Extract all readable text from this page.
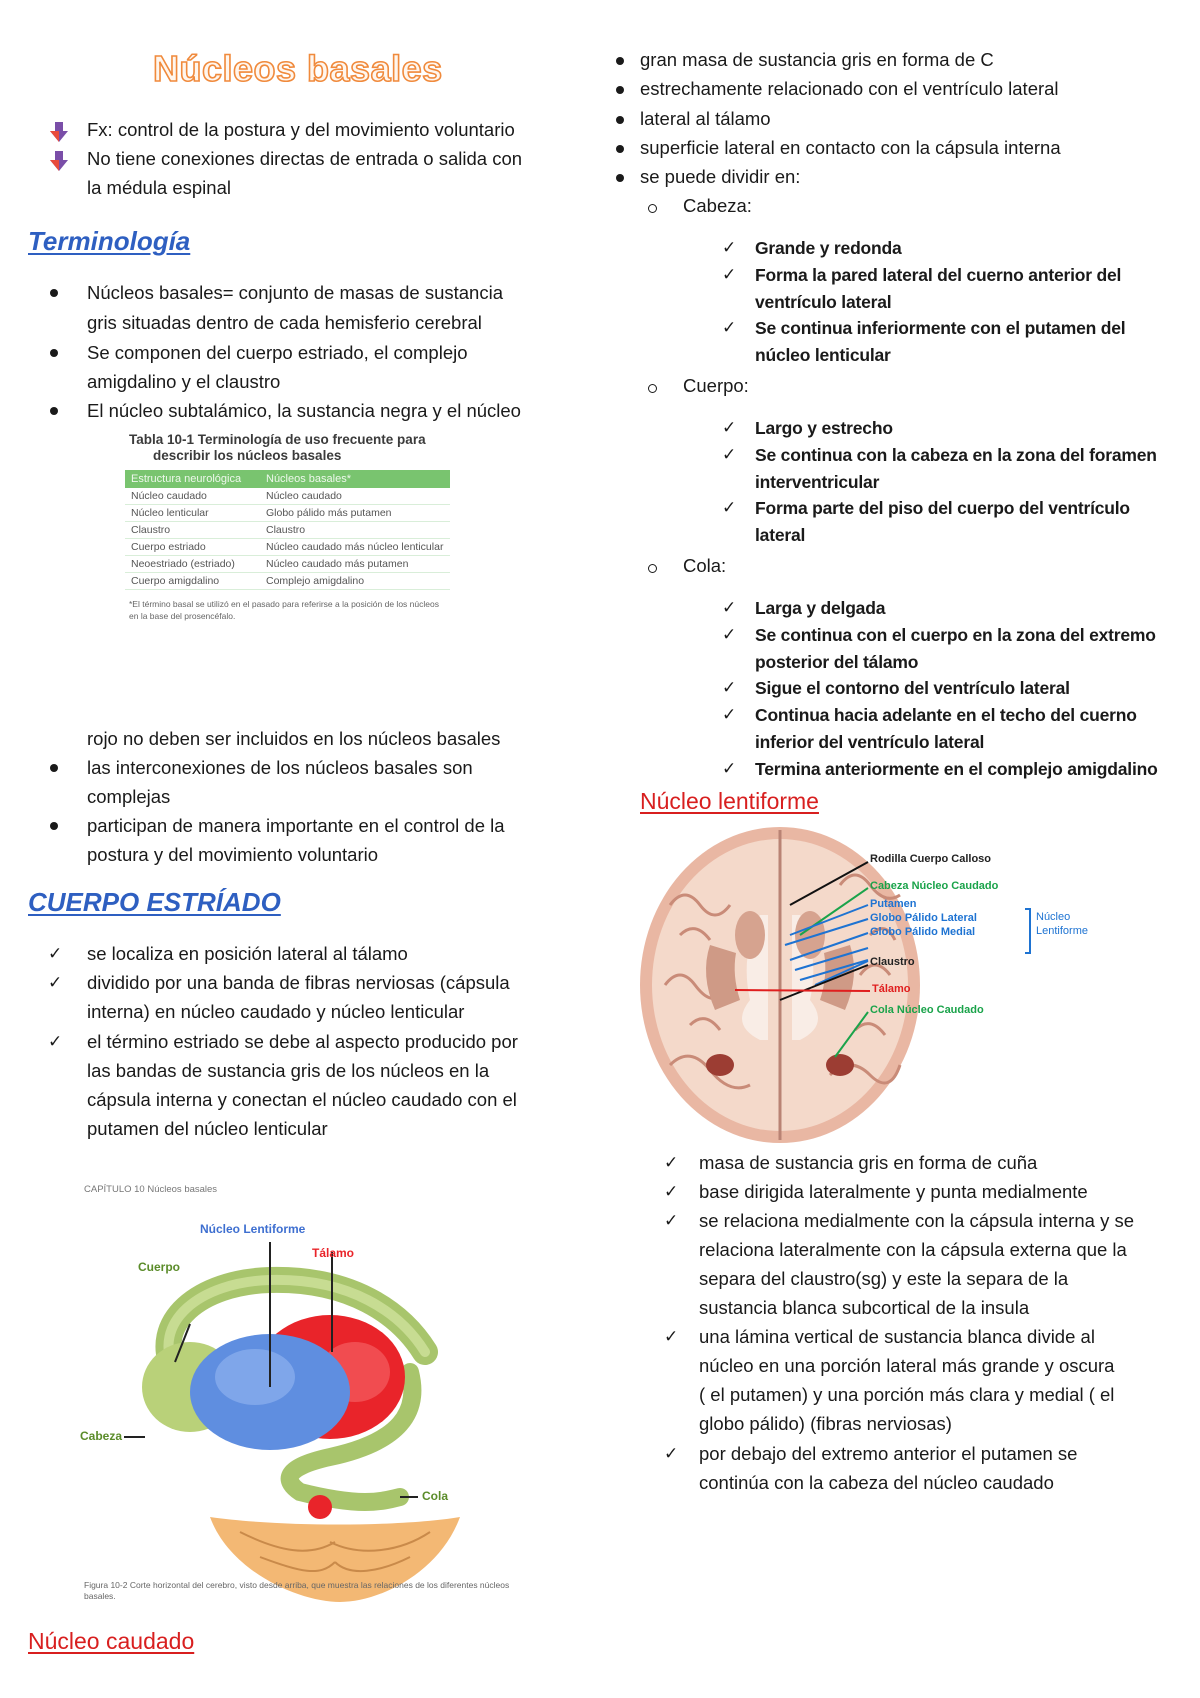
Núcleos basales
Fx: control de la postura y del movimiento voluntario
No tiene conexiones directas de entrada o salida con
la médula espinal
Terminología
Núcleos basales= conjunto de masas de sustancia
gris situadas dentro de cada hemisferio cerebral
Se componen del cuerpo estriado, el complejo
amigdalino y el claustro
El núcleo subtalámico, la sustancia negra y el núcleo
Tabla 10-1 Terminología de uso frecuente para
describir los núcleos basales
Estructura neurológica	Núcleos basales*
Núcleo caudado	Núcleo caudado
Núcleo lenticular	Globo pálido más putamen
Claustro	Claustro
Cuerpo estriado	Núcleo caudado más núcleo lenticular
Neoestriado (estriado)	Núcleo caudado más putamen
Cuerpo amigdalino	Complejo amigdalino
*El término basal se utilizó en el pasado para referirse a la posición de los núcleos en la base del prosencéfalo.
rojo no deben ser incluidos en los núcleos basales
las interconexiones de los núcleos basales son
complejas
participan de manera importante en el control de la
postura y del movimiento voluntario
CUERPO ESTRÍADO
✓ se localiza en posición lateral al tálamo
✓ dividido por una banda de fibras nerviosas (cápsula
interna) en núcleo caudado y núcleo lenticular
✓ el término estriado se debe al aspecto producido por
las bandas de sustancia gris de los núcleos en la
cápsula interna y conectan el núcleo caudado con el
putamen del núcleo lenticular
CAPÍTULO 10 Núcleos basales
Núcleo Lentiforme
Tálamo
Cuerpo
Cabeza
Cola
Figura 10-2 Corte horizontal del cerebro, visto desde arriba, que muestra las relaciones de los diferentes núcleos basales.
Núcleo caudado
gran masa de sustancia gris en forma de C
estrechamente relacionado con el ventrículo lateral
lateral al tálamo
superficie lateral en contacto con la cápsula interna
se puede dividir en:
Cabeza:
✓ Grande y redonda
✓ Forma la pared lateral del cuerno anterior del
ventrículo lateral
✓ Se continua inferiormente con el putamen del
núcleo lenticular
Cuerpo:
✓ Largo y estrecho
✓ Se continua con la cabeza en la zona del foramen
interventricular
✓ Forma parte del piso del cuerpo del ventrículo
lateral
Cola:
✓ Larga y delgada
✓ Se continua con el cuerpo en la zona del extremo
posterior del tálamo
✓ Sigue el contorno del ventrículo lateral
✓ Continua hacia adelante en el techo del cuerno
inferior del ventrículo lateral
✓ Termina anteriormente en el complejo amigdalino
Núcleo lentiforme
Rodilla Cuerpo Calloso
Cabeza Núcleo Caudado
Putamen
Globo Pálido Lateral
Globo Pálido Medial
Núcleo
Lentiforme
Claustro
Tálamo
Cola Núcleo Caudado
✓ masa de sustancia gris en forma de cuña
✓ base dirigida lateralmente y punta medialmente
✓ se relaciona medialmente con la cápsula interna y se
relaciona lateralmente con la cápsula externa que la
separa del claustro(sg) y este la separa de la
sustancia blanca subcortical de la insula
✓ una lámina vertical de sustancia blanca divide al
núcleo en una porción lateral más grande y oscura
( el putamen) y una porción más clara y medial ( el
globo pálido) (fibras nerviosas)
✓ por debajo del extremo anterior el putamen se
continúa con la cabeza del núcleo caudado
